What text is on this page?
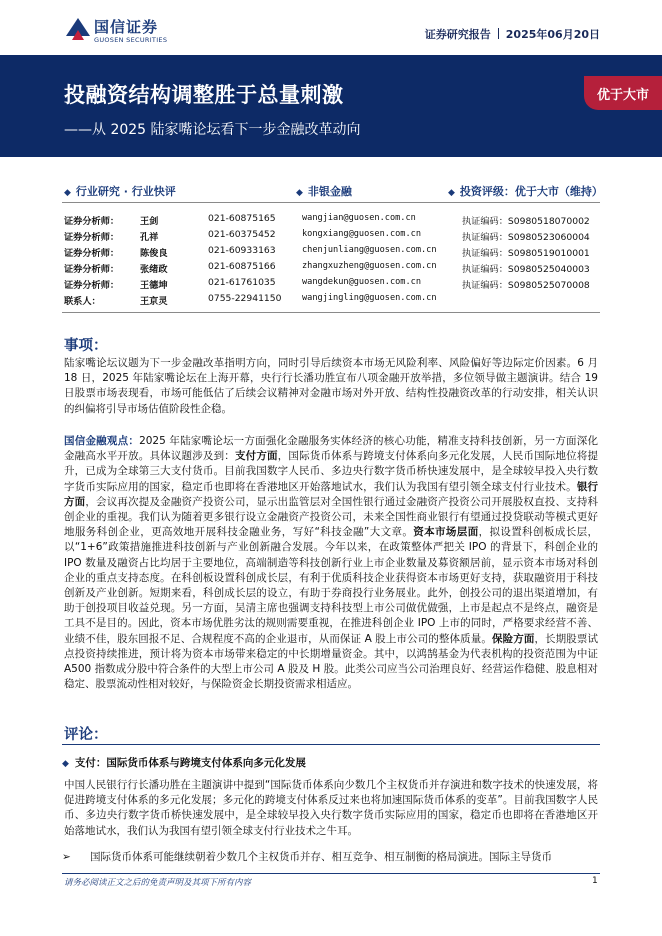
国信证券
GUOSEN SECURITIES	证券研究报告 2025年06月20日
投融资结构调整胜于总量刺激
——从 2025 陆家嘴论坛看下一步金融改革动向
优于大市
◆ 行业研究 · 行业快评	◆ 非银金融	◆ 投资评级：优于大市（维持）
证券分析师： 王剑	021-60875165	wangjian@guosen.com.cn	执证编码：S0980518070002
证券分析师： 孔祥	021-60375452	kongxiang@guosen.com.cn	执证编码：S0980523060004
证券分析师： 陈俊良	021-60933163	chenjunliang@guosen.com.cn	执证编码：S0980519010001
证券分析师： 张绪政	021-60875166	zhangxuzheng@guosen.com.cn	执证编码：S0980525040003
证券分析师： 王德坤	021-61761035	wangdekun@guosen.com.cn	执证编码：S0980525070008
联系人：	王京灵	0755-22941150 wangjingling@guosen.com.cn
事项：
陆家嘴论坛议题为下一步金融改革指明方向，同时引导后续资本市场无风险利率、风险偏好等边际定价因素。6 月 18 日，2025 年陆家嘴论坛在上海开幕，央行行长潘功胜宣布八项金融开放举措，多位领导做主题演讲。结合 19 日股票市场表现看，市场可能低估了后续会议精神对金融市场对外开放、结构性投融资改革的行动安排，相关认识的纠偏将引导市场估值阶段性企稳。
国信金融观点：2025 年陆家嘴论坛一方面强化金融服务实体经济的核心功能，精准支持科技创新，另一方面深化金融高水平开放。具体议题涉及到：支付方面，国际货币体系与跨境支付体系向多元化发展，人民币国际地位将提升，已成为全球第三大支付货币。目前我国数字人民币、多边央行数字货币桥快速发展中，是全球较早投入央行数字货币实际应用的国家，稳定币也即将在香港地区开始落地试水，我们认为我国有望引领全球支付行业技术。银行方面，会议再次提及金融资产投资公司，显示出监管层对全国性银行通过金融资产投资公司开展股权直投、支持科创企业的重视。我们认为随着更多银行设立金融资产投资公司，未来全国性商业银行有望通过投贷联动等模式更好地服务科创企业，更高效地开展科技金融业务，写好“科技金融”大文章。资本市场层面，拟设置科创板成长层，以“1+6”政策措施推进科技创新与产业创新融合发展。今年以来，在政策整体严把关 IPO 的背景下，科创企业的 IPO 数量及融资占比均居于主要地位，高端制造等科技创新行业上市企业数量及募资额居前，显示资本市场对科创企业的重点支持态度。在科创板设置科创成长层，有利于优质科技企业获得资本市场更好支持，获取融资用于科技创新及产业创新。短期来看，科创成长层的设立，有助于券商投行业务展业。此外，创投公司的退出渠道增加，有助于创投项目收益兑现。另一方面，吴清主席也强调支持科技型上市公司做优做强，上市是起点不是终点，融资是工具不是目的。因此，资本市场优胜劣汰的规则需要重视，在推进科创企业 IPO 上市的同时，严格要求经营不善、业绩不佳，股东回报不足、合规程度不高的企业退市，从而保证 A 股上市公司的整体质量。保险方面，长期股票试点投资持续推进，预计将为资本市场带来稳定的中长期增量资金。其中，以鸿鹄基金为代表机构的投资范围为中证 A500 指数成分股中符合条件的大型上市公司 A 股及 H 股。此类公司应当公司治理良好、经营运作稳健、股息相对稳定、股票流动性相对较好，与保险资金长期投资需求相适应。
评论：
◆ 支付：国际货币体系与跨境支付体系向多元化发展
中国人民银行行长潘功胜在主题演讲中提到“国际货币体系向少数几个主权货币并存演进和数字技术的快速发展，将促进跨境支付体系的多元化发展；多元化的跨境支付体系反过来也将加速国际货币体系的变革”。目前我国数字人民币、多边央行数字货币桥快速发展中，是全球较早投入央行数字货币实际应用的国家，稳定币也即将在香港地区开始落地试水，我们认为我国有望引领全球支付行业技术之牛耳。
➢ 国际货币体系可能继续朝着少数几个主权货币并存、相互竞争、相互制衡的格局演进。国际主导货币
请务必阅读正文之后的免责声明及其项下所有内容	1
